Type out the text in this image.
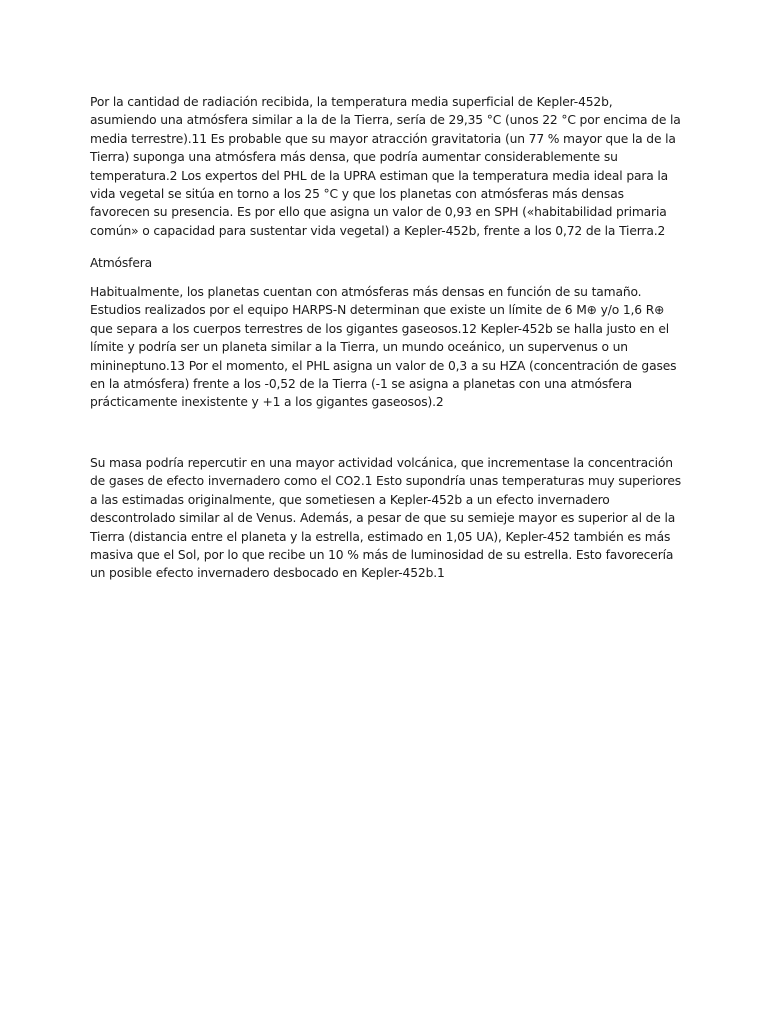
Por la cantidad de radiación recibida, la temperatura media superficial de Kepler-452b, asumiendo una atmósfera similar a la de la Tierra, sería de 29,35 °C (unos 22 °C por encima de la media terrestre).11 Es probable que su mayor atracción gravitatoria (un 77 % mayor que la de la Tierra) suponga una atmósfera más densa, que podría aumentar considerablemente su temperatura.2 Los expertos del PHL de la UPRA estiman que la temperatura media ideal para la vida vegetal se sitúa en torno a los 25 °C y que los planetas con atmósferas más densas favorecen su presencia. Es por ello que asigna un valor de 0,93 en SPH («habitabilidad primaria común» o capacidad para sustentar vida vegetal) a Kepler-452b, frente a los 0,72 de la Tierra.2

Atmósfera

Habitualmente, los planetas cuentan con atmósferas más densas en función de su tamaño. Estudios realizados por el equipo HARPS-N determinan que existe un límite de 6 M⊕ y/o 1,6 R⊕ que separa a los cuerpos terrestres de los gigantes gaseosos.12 Kepler-452b se halla justo en el límite y podría ser un planeta similar a la Tierra, un mundo oceánico, un supervenus o un minineptuno.13 Por el momento, el PHL asigna un valor de 0,3 a su HZA (concentración de gases en la atmósfera) frente a los -0,52 de la Tierra (-1 se asigna a planetas con una atmósfera prácticamente inexistente y +1 a los gigantes gaseosos).2

Su masa podría repercutir en una mayor actividad volcánica, que incrementase la concentración de gases de efecto invernadero como el CO2.1 Esto supondría unas temperaturas muy superiores a las estimadas originalmente, que sometiesen a Kepler-452b a un efecto invernadero descontrolado similar al de Venus. Además, a pesar de que su semieje mayor es superior al de la Tierra (distancia entre el planeta y la estrella, estimado en 1,05 UA), Kepler-452 también es más masiva que el Sol, por lo que recibe un 10 % más de luminosidad de su estrella. Esto favorecería un posible efecto invernadero desbocado en Kepler-452b.1
